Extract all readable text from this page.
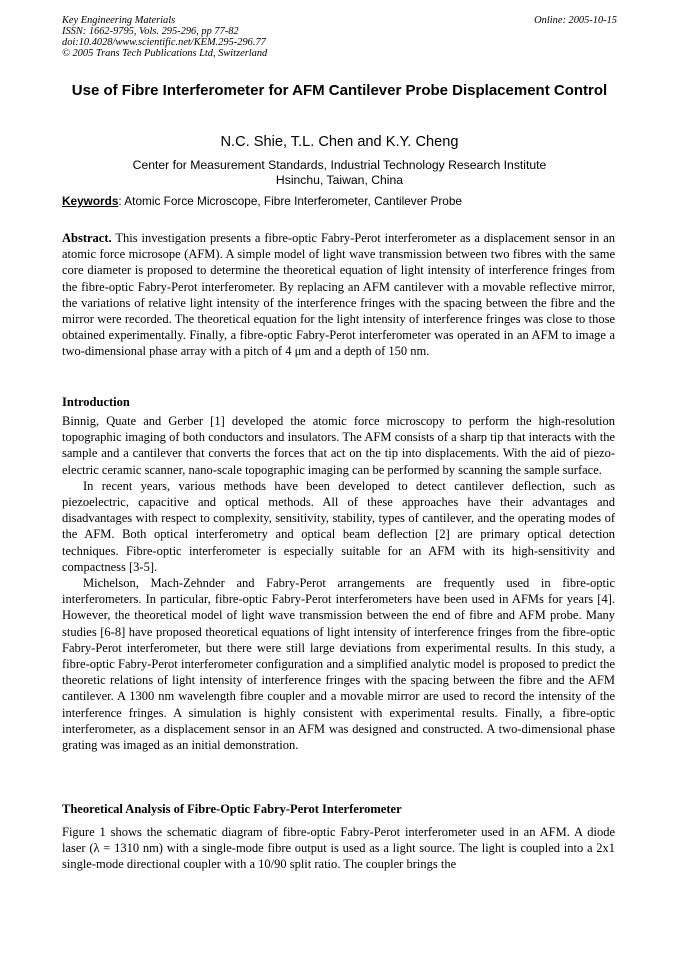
Key Engineering Materials
ISSN: 1662-9795, Vols. 295-296, pp 77-82
doi:10.4028/www.scientific.net/KEM.295-296.77
© 2005 Trans Tech Publications Ltd, Switzerland
Online: 2005-10-15
Use of Fibre Interferometer for AFM Cantilever Probe Displacement Control
N.C. Shie, T.L. Chen and K.Y. Cheng
Center for Measurement Standards, Industrial Technology Research Institute
Hsinchu, Taiwan, China
Keywords: Atomic Force Microscope, Fibre Interferometer, Cantilever Probe
Abstract. This investigation presents a fibre-optic Fabry-Perot interferometer as a displacement sensor in an atomic force microsope (AFM). A simple model of light wave transmission between two fibres with the same core diameter is proposed to determine the theoretical equation of light intensity of interference fringes from the fibre-optic Fabry-Perot interferometer. By replacing an AFM cantilever with a movable reflective mirror, the variations of relative light intensity of the interference fringes with the spacing between the fibre and the mirror were recorded. The theoretical equation for the light intensity of interference fringes was close to those obtained experimentally. Finally, a fibre-optic Fabry-Perot interferometer was operated in an AFM to image a two-dimensional phase array with a pitch of 4 μm and a depth of 150 nm.
Introduction

Binnig, Quate and Gerber [1] developed the atomic force microscopy to perform the high-resolution topographic imaging of both conductors and insulators. The AFM consists of a sharp tip that interacts with the sample and a cantilever that converts the forces that act on the tip into displacements. With the aid of piezo-electric ceramic scanner, nano-scale topographic imaging can be performed by scanning the sample surface.

In recent years, various methods have been developed to detect cantilever deflection, such as piezoelectric, capacitive and optical methods. All of these approaches have their advantages and disadvantages with respect to complexity, sensitivity, stability, types of cantilever, and the operating modes of the AFM. Both optical interferometry and optical beam deflection [2] are primary optical detection techniques. Fibre-optic interferometer is especially suitable for an AFM with its high-sensitivity and compactness [3-5].

Michelson, Mach-Zehnder and Fabry-Perot arrangements are frequently used in fibre-optic interferometers. In particular, fibre-optic Fabry-Perot interferometers have been used in AFMs for years [4]. However, the theoretical model of light wave transmission between the end of fibre and AFM probe. Many studies [6-8] have proposed theoretical equations of light intensity of interference fringes from the fibre-optic Fabry-Perot interferometer, but there were still large deviations from experimental results. In this study, a fibre-optic Fabry-Perot interferometer configuration and a simplified analytic model is proposed to predict the theoretic relations of light intensity of interference fringes with the spacing between the fibre and the AFM cantilever. A 1300 nm wavelength fibre coupler and a movable mirror are used to record the intensity of the interference fringes. A simulation is highly consistent with experimental results. Finally, a fibre-optic interferometer, as a displacement sensor in an AFM was designed and constructed. A two-dimensional phase grating was imaged as an initial demonstration.

Theoretical Analysis of Fibre-Optic Fabry-Perot Interferometer

Figure 1 shows the schematic diagram of fibre-optic Fabry-Perot interferometer used in an AFM. A diode laser (λ = 1310 nm) with a single-mode fibre output is used as a light source. The light is coupled into a 2x1 single-mode directional coupler with a 10/90 split ratio. The coupler brings the
